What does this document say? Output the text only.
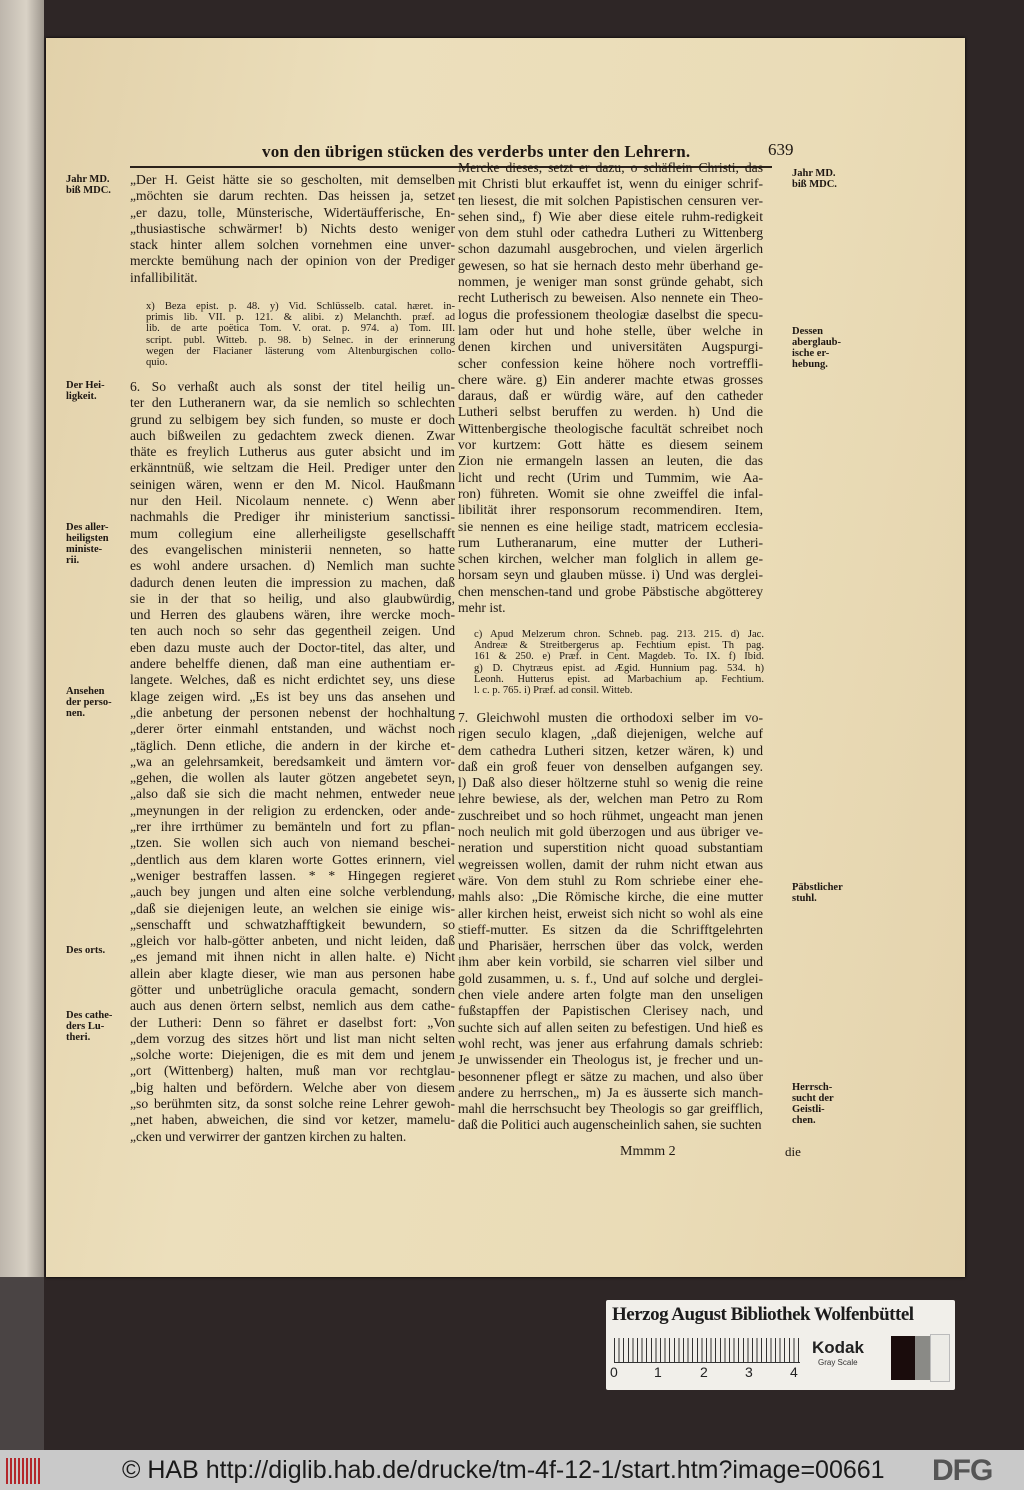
von den übrigen stücken des verderbs unter den Lehrern.	639
„Der H. Geist hätte sie so gescholten, mit demselben
„möchten sie darum rechten. Das heissen ja, setzet
„er dazu, tolle, Münsterische, Widertäufferische, En-
„thusiastische schwärmer! b) Nichts desto weniger
stack hinter allem solchen vornehmen eine unver-
merckte bemühung nach der opinion von der Prediger
infallibilität.
x) Beza epist. p. 48. y) Vid. Schlüsselb. catal. hæret. in-
primis lib. VII. p. 121. & alibi. z) Melanchth. præf. ad
lib. de arte poëtica Tom. V. orat. p. 974. a) Tom. III.
script. publ. Witteb. p. 98. b) Selnec. in der erinnerung
wegen der Flacianer lästerung vom Altenburgischen collo-
quio.
6. So verhaßt auch als sonst der titel heilig un-
ter den Lutheranern war, da sie nemlich so schlechten
grund zu selbigem bey sich funden, so muste er doch
auch bißweilen zu gedachtem zweck dienen. Zwar
thäte es freylich Lutherus aus guter absicht und im
erkänntnüß, wie seltzam die Heil. Prediger unter den
seinigen wären, wenn er den M. Nicol. Haußmann
nur den Heil. Nicolaum nennete. c) Wenn aber
nachmahls die Prediger ihr ministerium sanctissi-
mum collegium eine allerheiligste gesellschafft
des evangelischen ministerii nenneten, so hatte
es wohl andere ursachen. d) Nemlich man suchte
dadurch denen leuten die impression zu machen, daß
sie in der that so heilig, und also glaubwürdig,
und Herren des glaubens wären, ihre wercke moch-
ten auch noch so sehr das gegentheil zeigen. Und
eben dazu muste auch der Doctor-titel, das alter, und
andere behelffe dienen, daß man eine authentiam er-
langete. Welches, daß es nicht erdichtet sey, uns diese
klage zeigen wird. „Es ist bey uns das ansehen und
„die anbetung der personen nebenst der hochhaltung
„derer örter einmahl entstanden, und wächst noch
„täglich. Denn etliche, die andern in der kirche et-
„wa an gelehrsamkeit, beredsamkeit und ämtern vor-
„gehen, die wollen als lauter götzen angebetet seyn,
„also daß sie sich die macht nehmen, entweder neue
„meynungen in der religion zu erdencken, oder ande-
„rer ihre irrthümer zu bemänteln und fort zu pflan-
„tzen. Sie wollen sich auch von niemand beschei-
„dentlich aus dem klaren worte Gottes erinnern, viel
„weniger bestraffen lassen. * * Hingegen regieret
„auch bey jungen und alten eine solche verblendung,
„daß sie diejenigen leute, an welchen sie einige wis-
„senschafft und schwatzhafftigkeit bewundern, so
„gleich vor halb-götter anbeten, und nicht leiden, daß
„es jemand mit ihnen nicht in allen halte. e) Nicht
allein aber klagte dieser, wie man aus personen habe
götter und unbetrügliche oracula gemacht, sondern
auch aus denen örtern selbst, nemlich aus dem cathe-
der Lutheri: Denn so fähret er daselbst fort: „Von
„dem vorzug des sitzes hört und list man nicht selten
„solche worte: Diejenigen, die es mit dem und jenem
„ort (Wittenberg) halten, muß man vor rechtglau-
„big halten und befördern. Welche aber von diesem
„so berühmten sitz, da sonst solche reine Lehrer gewoh-
„net haben, abweichen, die sind vor ketzer, mamelu-
„cken und verwirrer der gantzen kirchen zu halten.
Mercke dieses, setzt er dazu, o schäflein Christi, das
mit Christi blut erkauffet ist, wenn du einiger schrif-
ten liesest, die mit solchen Papistischen censuren ver-
sehen sind„ f) Wie aber diese eitele ruhm-redigkeit
von dem stuhl oder cathedra Lutheri zu Wittenberg
schon dazumahl ausgebrochen, und vielen ärgerlich
gewesen, so hat sie hernach desto mehr überhand ge-
nommen, je weniger man sonst gründe gehabt, sich
recht Lutherisch zu beweisen. Also nennete ein Theo-
logus die professionem theologiæ daselbst die specu-
lam oder hut und hohe stelle, über welche in
denen kirchen und universitäten Augspurgi-
scher confession keine höhere noch vortreffli-
chere wäre. g) Ein anderer machte etwas grosses
daraus, daß er würdig wäre, auf den catheder
Lutheri selbst beruffen zu werden. h) Und die
Wittenbergische theologische facultät schreibet noch
vor kurtzem: Gott hätte es diesem seinem
Zion nie ermangeln lassen an leuten, die das
licht und recht (Urim und Tummim, wie Aa-
ron) führeten. Womit sie ohne zweiffel die infal-
libilität ihrer responsorum recommendiren. Item,
sie nennen es eine heilige stadt, matricem ecclesia-
rum Lutheranarum, eine mutter der Lutheri-
schen kirchen, welcher man folglich in allem ge-
horsam seyn und glauben müsse. i) Und was derglei-
chen menschen-tand und grobe Päbstische abgötterey
mehr ist.
c) Apud Melzerum chron. Schneb. pag. 213. 215. d) Jac.
Andreæ & Streitbergerus ap. Fechtium epist. Th pag.
161 & 250. e) Præf. in Cent. Magdeb. To. IX. f) Ibid.
g) D. Chytræus epist. ad Ægid. Hunnium pag. 534. h)
Leonh. Hutterus epist. ad Marbachium ap. Fechtium.
l. c. p. 765. i) Præf. ad consil. Witteb.
7. Gleichwohl musten die orthodoxi selber im vo-
rigen seculo klagen, „daß diejenigen, welche auf
dem cathedra Lutheri sitzen, ketzer wären, k) und
daß ein groß feuer von denselben aufgangen sey.
l) Daß also dieser höltzerne stuhl so wenig die reine
lehre bewiese, als der, welchen man Petro zu Rom
zuschreibet und so hoch rühmet, ungeacht man jenen
noch neulich mit gold überzogen und aus übriger ve-
neration und superstition nicht quoad substantiam
wegreissen wollen, damit der ruhm nicht etwan aus
wäre. Von dem stuhl zu Rom schriebe einer ehe-
mahls also: „Die Römische kirche, die eine mutter
aller kirchen heist, erweist sich nicht so wohl als eine
stieff-mutter. Es sitzen da die Schrifftgelehrten
und Pharisäer, herrschen über das volck, werden
ihm aber kein vorbild, sie scharren viel silber und
gold zusammen, u. s. f., Und auf solche und derglei-
chen viele andere arten folgte man den unseligen
fußstapffen der Papistischen Clerisey nach, und
suchte sich auf allen seiten zu befestigen. Und hieß es
wohl recht, was jener aus erfahrung damals schrieb:
Je unwissender ein Theologus ist, je frecher und un-
besonnener pflegt er sätze zu machen, und also über
andere zu herrschen„ m) Ja es äusserte sich manch-
mahl die herrschsucht bey Theologis so gar greifflich,
daß die Politici auch augenscheinlich sahen, sie suchten
Jahr MD.
biß MDC.
Der Hei-
ligkeit.
Des aller-
heiligsten
ministe-
rii.
Ansehen
der perso-
nen.
Des orts.
Des cathe-
ders Lu-
theri.
Jahr MD.
biß MDC.
Dessen
aberglaub-
ische er-
hebung.
Päbstlicher
stuhl.
Herrsch-
sucht der
Geistli-
chen.
Mmmm 2	die
Herzog August Bibliothek Wolfenbüttel
0	1	2	3	4
Kodak
Gray Scale
© HAB http://diglib.hab.de/drucke/tm-4f-12-1/start.htm?image=00661 DFG
